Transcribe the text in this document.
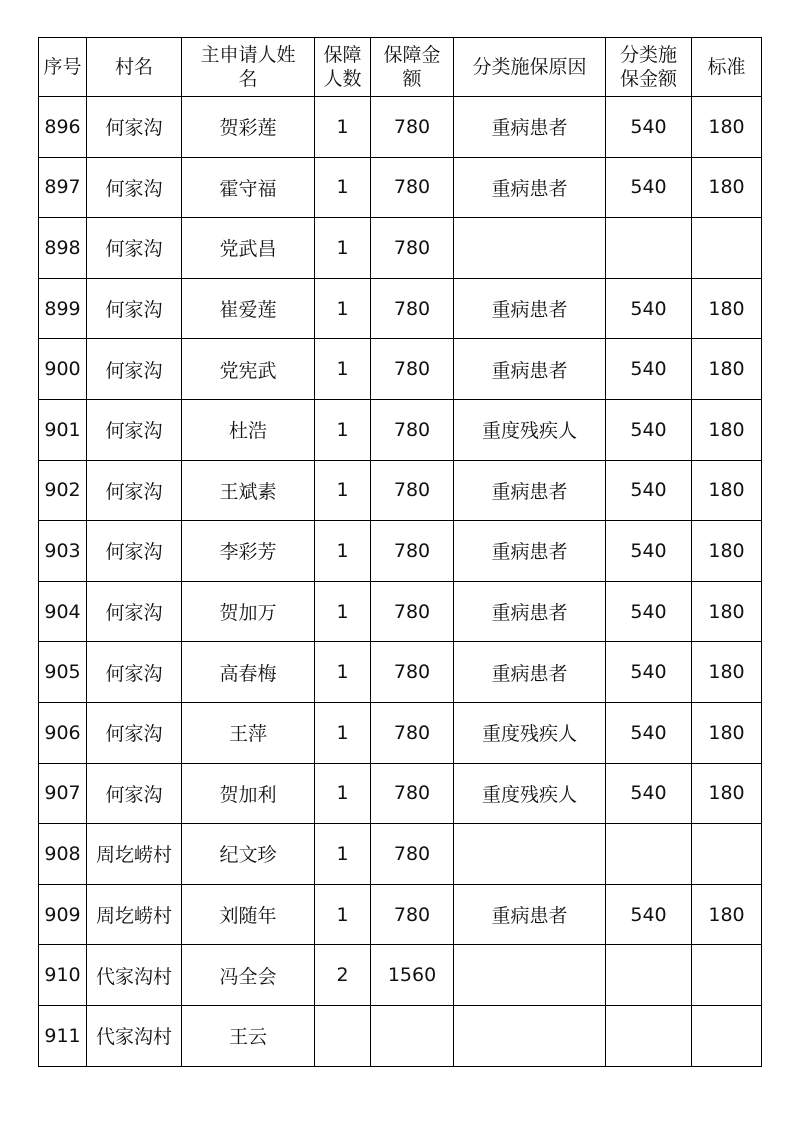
序号	村名	主申请人姓名	保障人数	保障金额	分类施保原因	分类施保金额	标准
896	何家沟	贺彩莲	1	780	重病患者	540	180
897	何家沟	霍守福	1	780	重病患者	540	180
898	何家沟	党武昌	1	780			
899	何家沟	崔爱莲	1	780	重病患者	540	180
900	何家沟	党宪武	1	780	重病患者	540	180
901	何家沟	杜浩	1	780	重度残疾人	540	180
902	何家沟	王斌素	1	780	重病患者	540	180
903	何家沟	李彩芳	1	780	重病患者	540	180
904	何家沟	贺加万	1	780	重病患者	540	180
905	何家沟	高春梅	1	780	重病患者	540	180
906	何家沟	王萍	1	780	重度残疾人	540	180
907	何家沟	贺加利	1	780	重度残疾人	540	180
908	周圪崂村	纪文珍	1	780			
909	周圪崂村	刘随年	1	780	重病患者	540	180
910	代家沟村	冯全会	2	1560			
911	代家沟村	王云					
